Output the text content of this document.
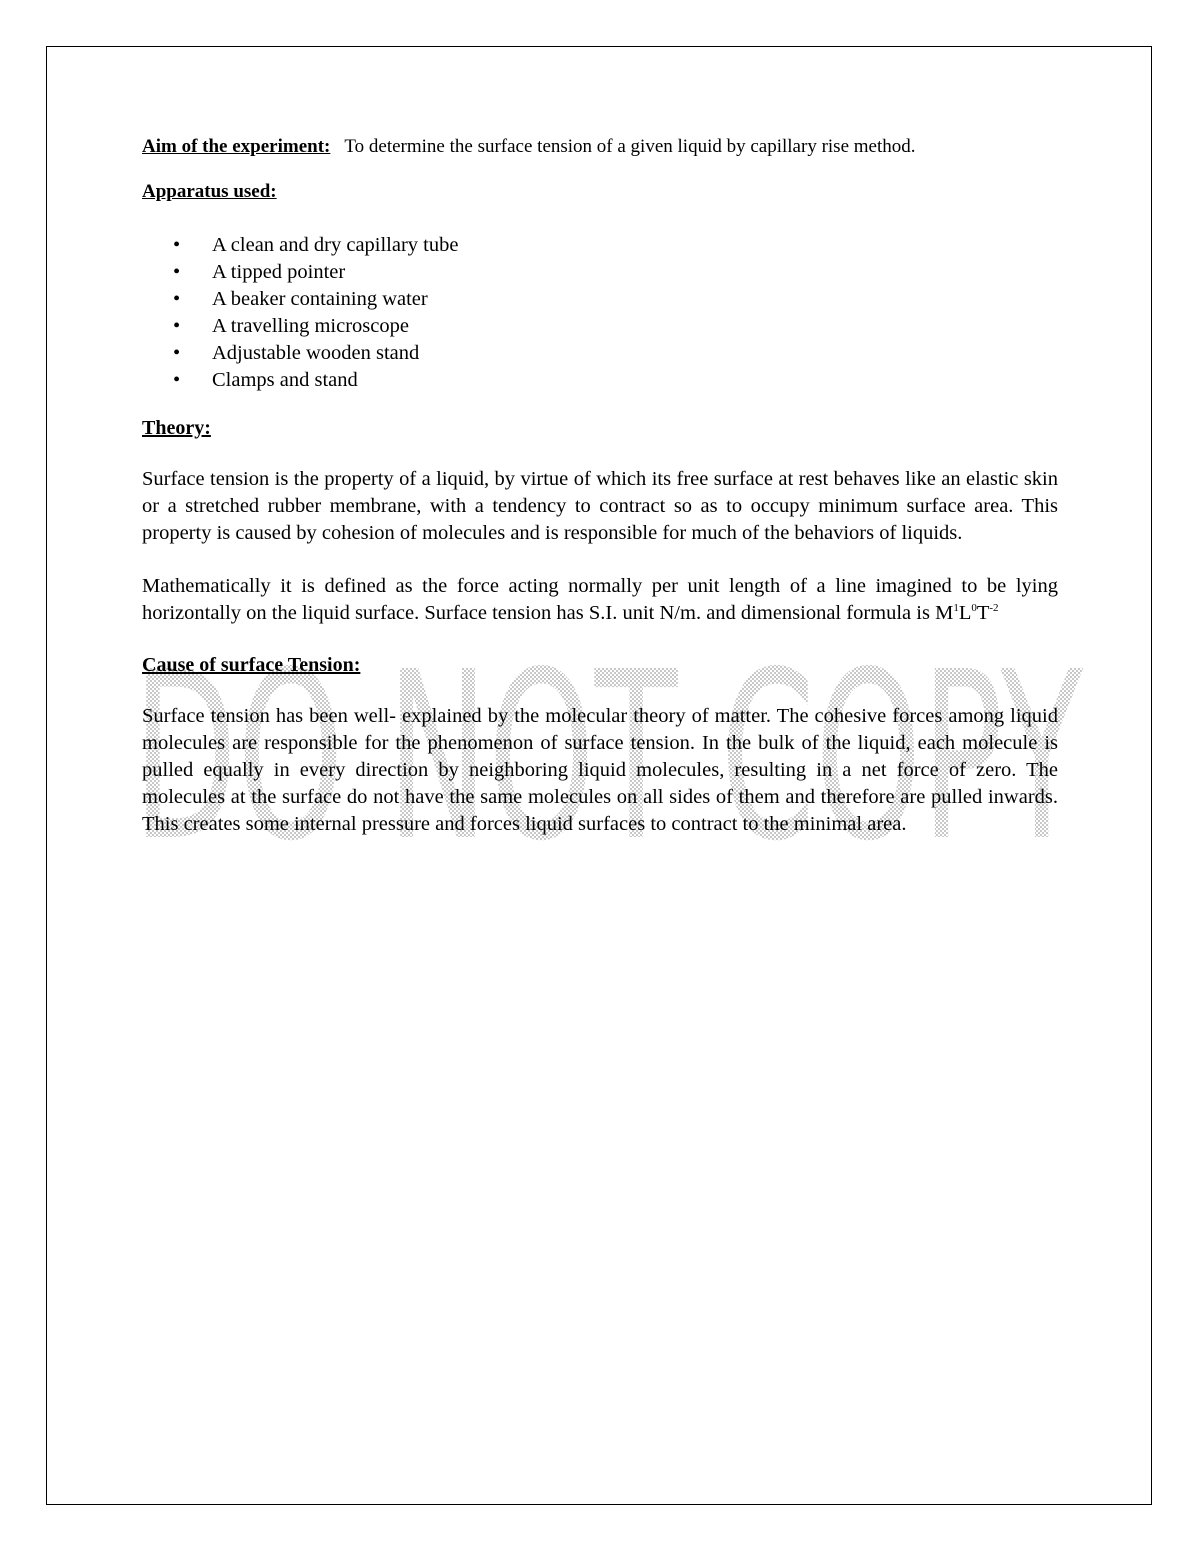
DO NOT COPY

Aim of the experiment: To determine the surface tension of a given liquid by capillary rise method.

Apparatus used:

• A clean and dry capillary tube
• A tipped pointer
• A beaker containing water
• A travelling microscope
• Adjustable wooden stand
• Clamps and stand

Theory:

Surface tension is the property of a liquid, by virtue of which its free surface at rest behaves like an elastic skin or a stretched rubber membrane, with a tendency to contract so as to occupy minimum surface area. This property is caused by cohesion of molecules and is responsible for much of the behaviors of liquids.

Mathematically it is defined as the force acting normally per unit length of a line imagined to be lying horizontally on the liquid surface. Surface tension has S.I. unit N/m. and dimensional formula is $M^1L^0T^{-2}$

Cause of surface Tension:

Surface tension has been well- explained by the molecular theory of matter. The cohesive forces among liquid molecules are responsible for the phenomenon of surface tension. In the bulk of the liquid, each molecule is pulled equally in every direction by neighboring liquid molecules, resulting in a net force of zero. The molecules at the surface do not have the same molecules on all sides of them and therefore are pulled inwards. This creates some internal pressure and forces liquid surfaces to contract to the minimal area.
